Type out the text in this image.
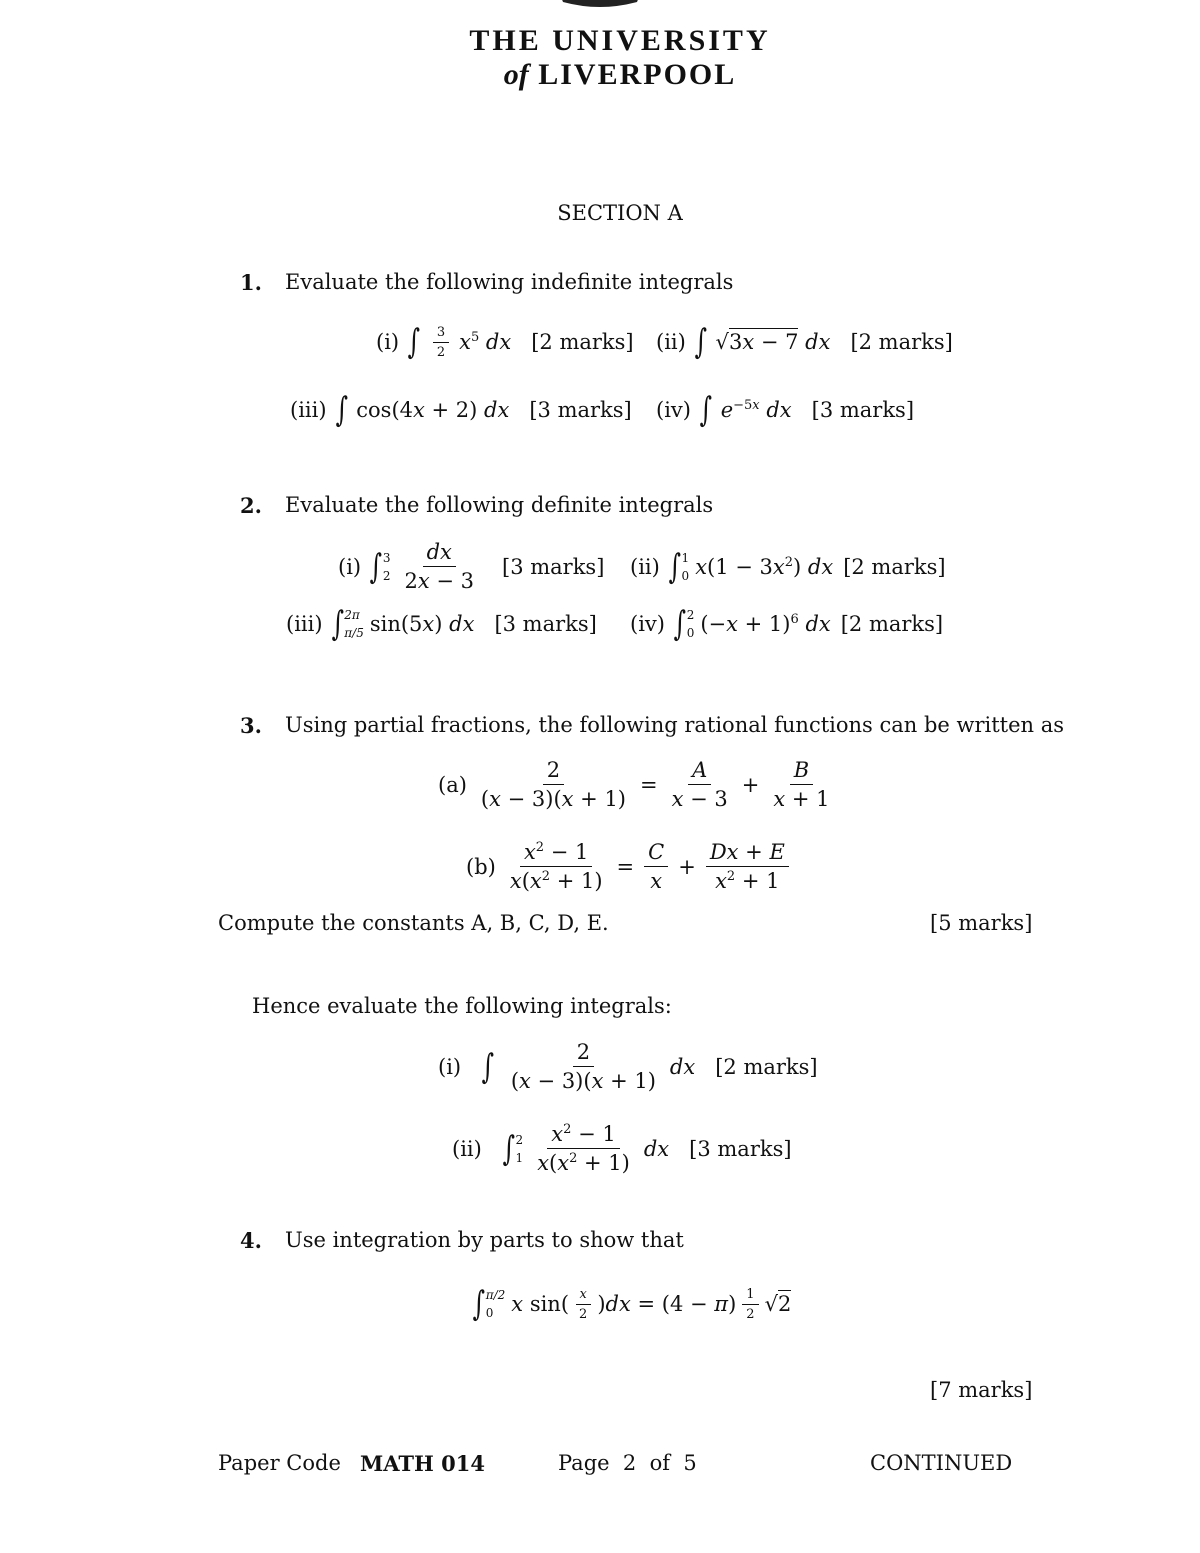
THE UNIVERSITY
of LIVERPOOL
SECTION A
1. Evaluate the following indefinite integrals
(i) ∫ $\frac{3}{2} x^5$ dx [2 marks] (ii) ∫ √3x − 7 dx [2 marks]
(iii) ∫ cos(4x + 2) dx [3 marks] (iv) ∫ $e^{-5x}$ dx [3 marks]
2. Evaluate the following definite integrals
(i) ∫ 3
$2 \frac{dx}{2x - 3} [3$ marks] (ii) ∫ 1
0 $x(1 - 3x^2)$ dx [2 marks]
(iii) ∫ 2π
π/5 sin(5x) dx [3 marks] (iv) ∫ 2
0 $(-x + 1)^6$ dx [2 marks]
3. Using partial fractions, the following rational functions can be written as
$(a) \frac{2}{(x - 3)(x + 1)} = \frac{A}{x - 3} + \frac{B}{x + 1}$
$(b) \frac{x^2 - 1}{x(x^2 + 1)} = \frac{C}{x} + \frac{Dx + E}{x^2 + 1}$
Compute the constants A, B, C, D, E.	[5 marks]
Hence evaluate the following integrals:
(i) ∫ $\frac{2}{(x - 3)(x + 1)}$ dx [2 marks]
(ii) ∫ 2
$1 \frac{x^2 - 1}{x(x^2 + 1)}$ dx [3 marks]
4. Use integration by parts to show that
∫ π/2
0 x $\sin( \frac{x}{2} )dx = (4 - \pi) \frac{1}{2} √2$
[7 marks]
Paper Code MATH 014	Page  2  of  5	CONTINUED
